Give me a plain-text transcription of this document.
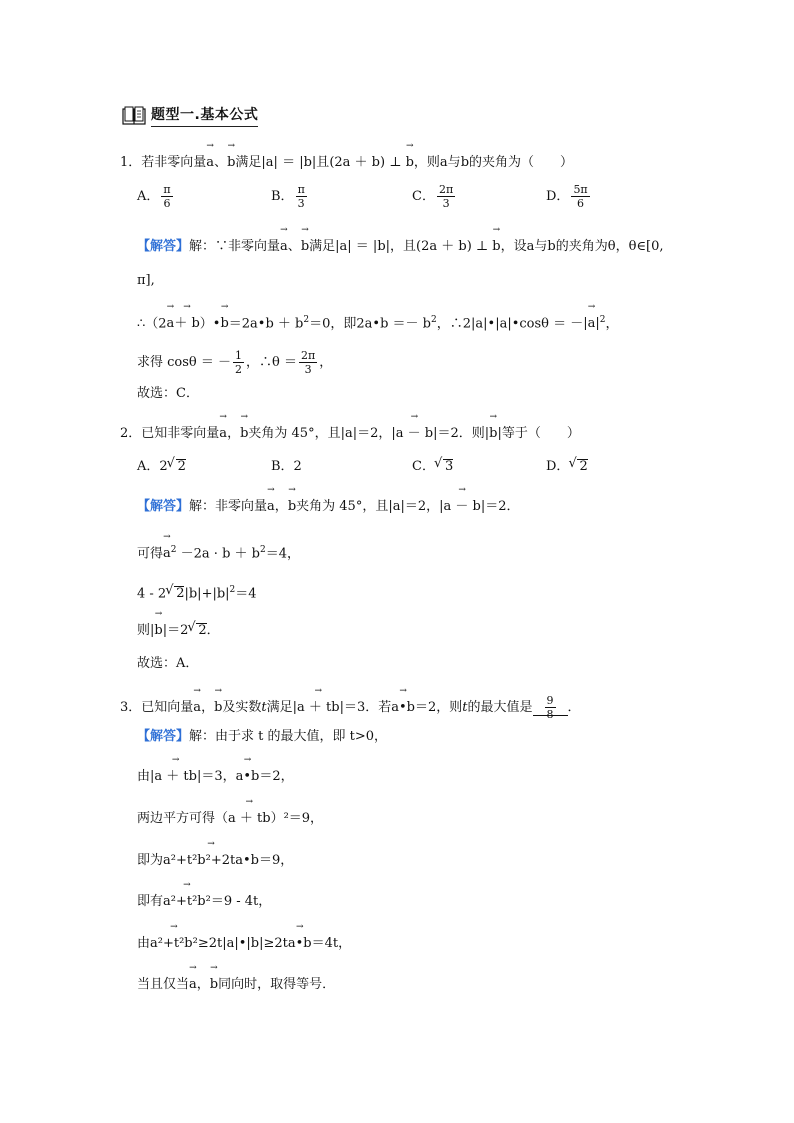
题型一.基本公式
1．若非零向量→ a、→ b满足|a| ＝ |b|且(2a ＋ b) ⊥ → b，则a与b的夹角为（　　）
A． $\frac{\pi}{6}$	B． $\frac{\pi}{3}$	C． $\frac{2\pi}{3}$	D． $\frac{5\pi}{6}$
【解答】解：∵非零向量→ a、→ b满足|a| ＝ |b|，且(2a ＋ b) ⊥ → b，设a与b的夹角为θ，θ∈[0,
π],
∴（2→ a→ ＋ b）•→ b＝2a•b ＋ $b^2=0$，即2a•b ＝－ $b^2$，∴2|a|•|a|•cosθ ＝ －→ $|a|^2$，
求得 cosθ ＝ － $\frac{1}{2}$ ，∴θ ＝ $\frac{2\pi}{3}$ ，
故选：C．
2．已知非零向量→ a，→ b夹角为 45°，且|a|＝2，|→ a － b|＝2．则|→ b|等于（　　）
A．2 √ 2	B．2	C． √ 3	D． √ 2
【解答】解：非零向量→ a，→ b夹角为 45°，且|a|＝2，|→ a － b|＝2．
可得→ $a^2 -2a \cdot b + b^2=4$，
4 - 2 √ $2|b|+|b|^2=4$
则|→ b|＝2 √ 2．
故选：A．
3．已知向量→ a，→ b及实数t满足|→ a ＋ tb|＝3．若→ a•b＝2，则t的最大值是 $\frac{9}{8}$ ．
【解答】解：由于求 t 的最大值，即 t>0，
由|→ a ＋ tb|＝3，→ a•b＝2，
两边平方可得（→ a ＋ tb）²＝9，
即为→ a²+t²b²+2ta•b＝9，
即有→ a²+t²b²＝9 - 4t，
由→ a²+t²b²≥2t|a|•|b|≥2t→ a•b＝4t，
当且仅当→ a，→ b同向时，取得等号．
